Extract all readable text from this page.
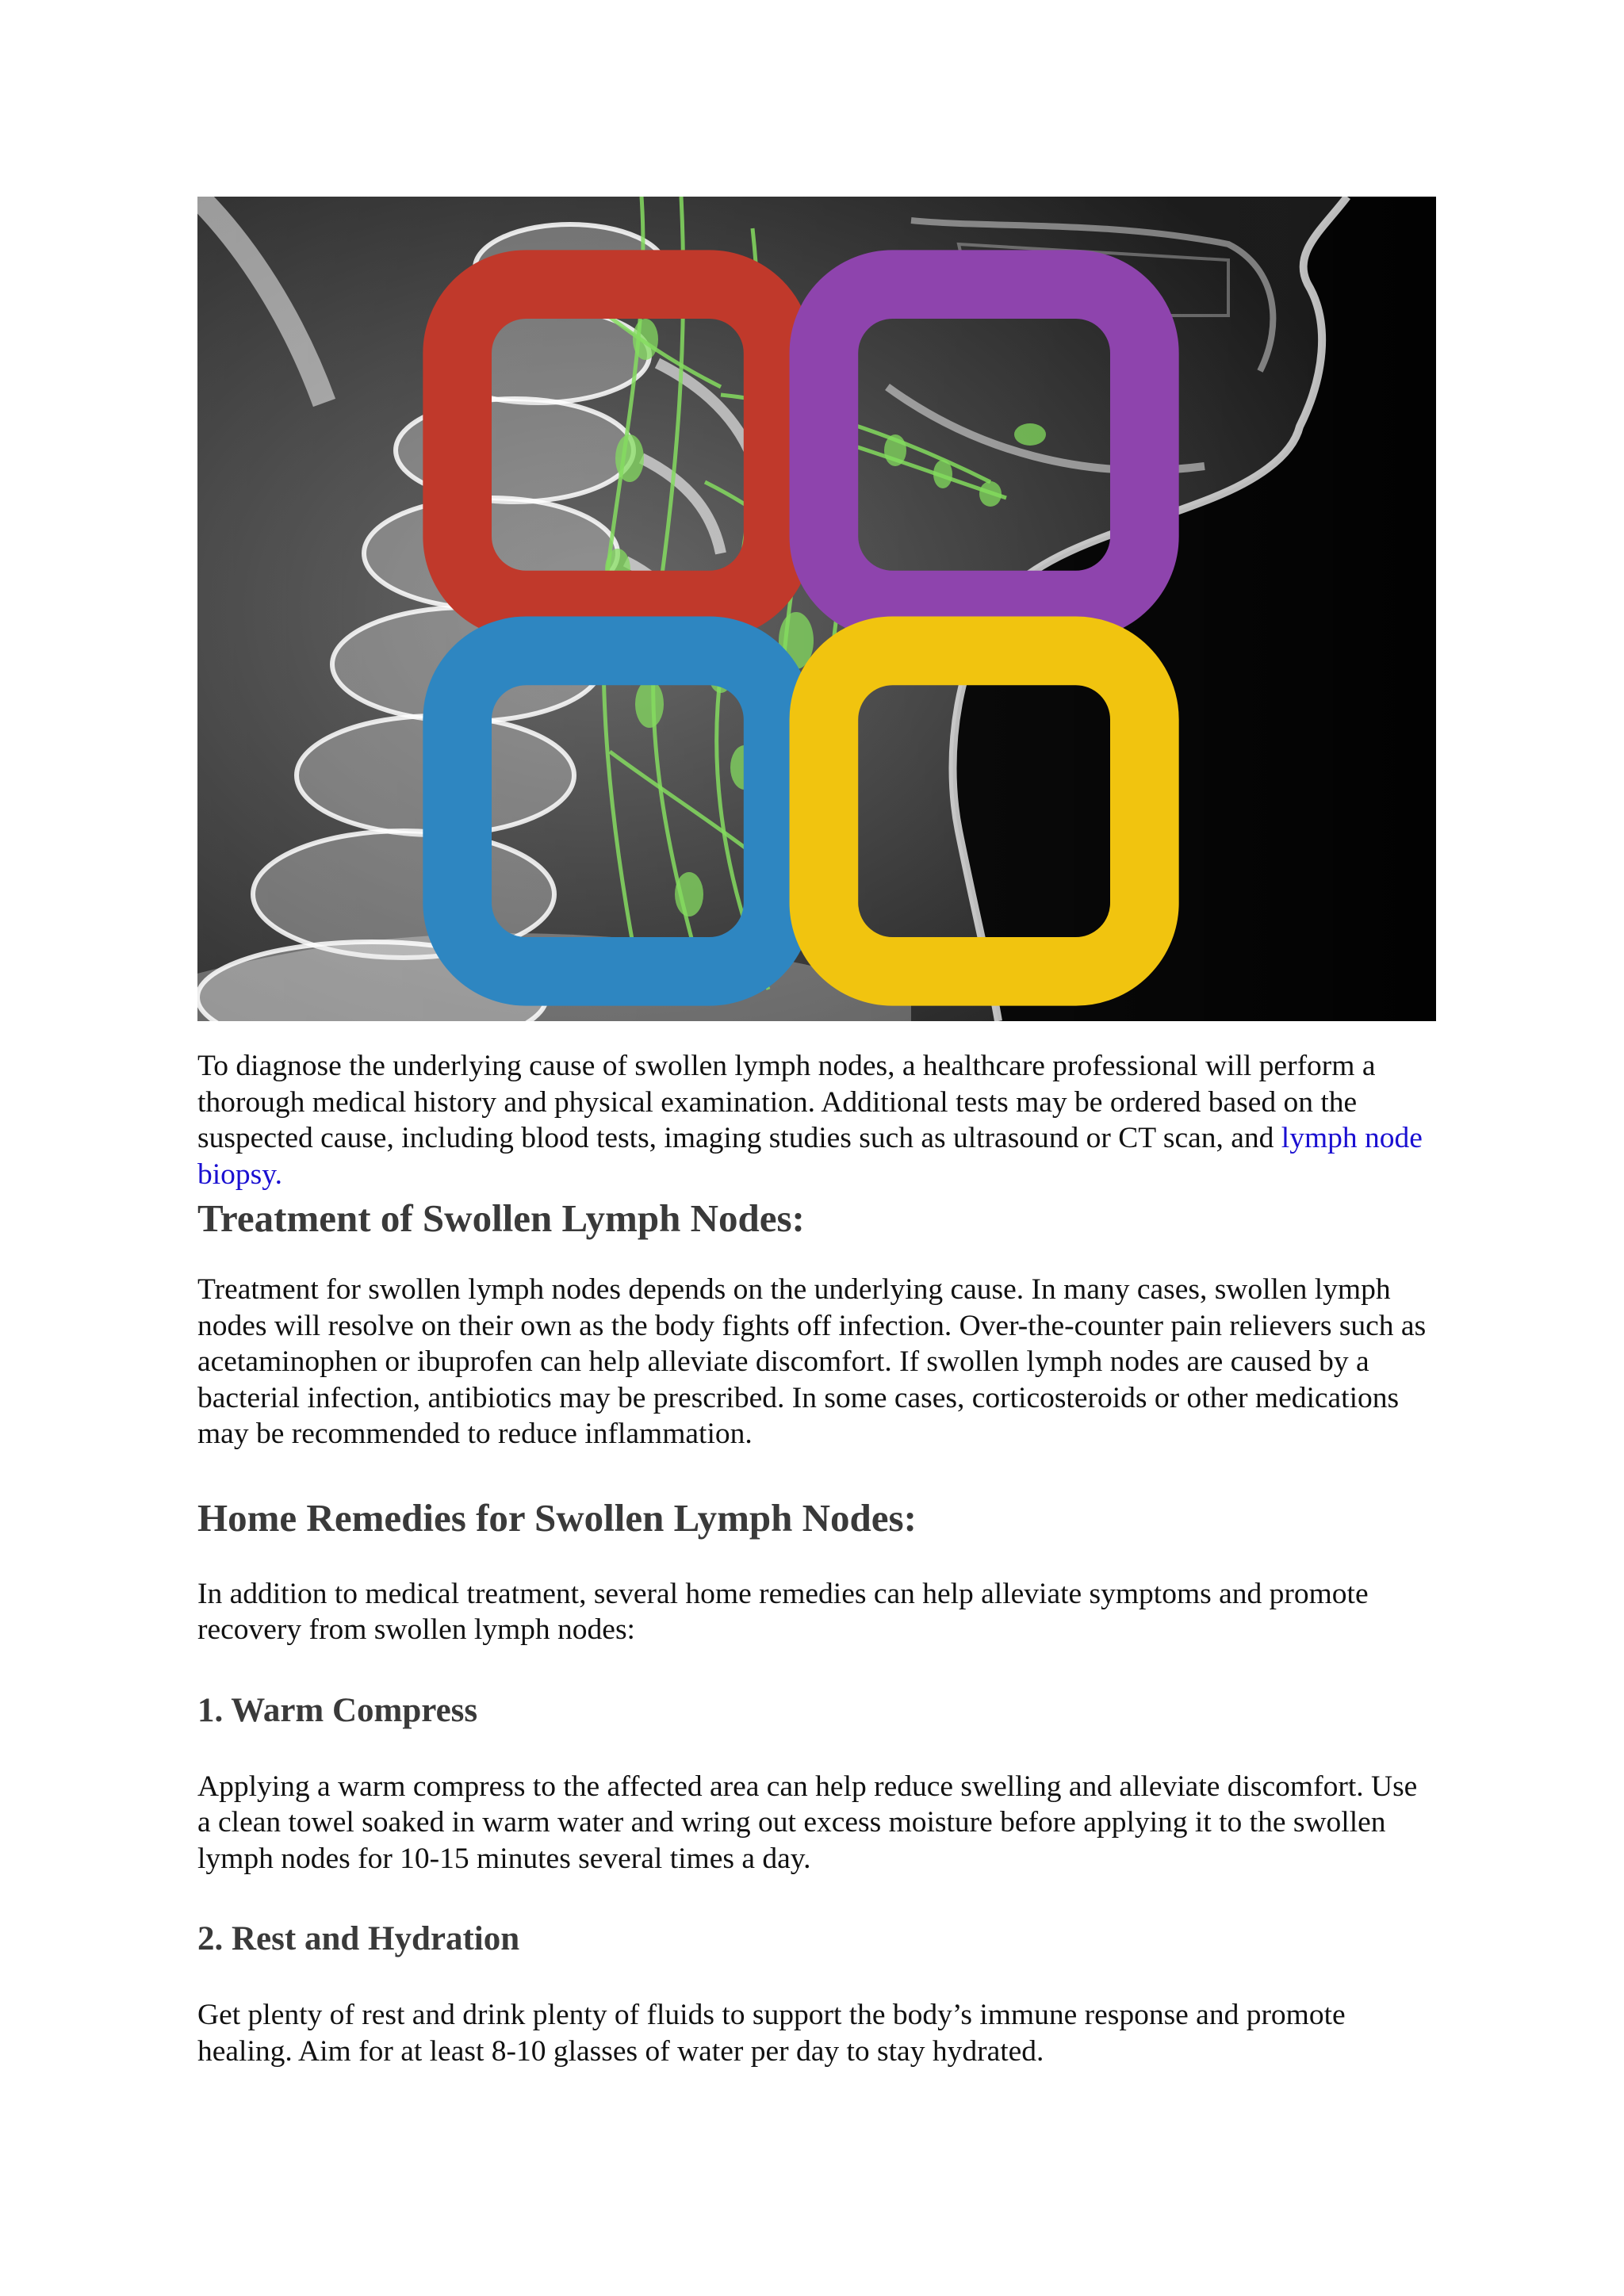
To diagnose the underlying cause of swollen lymph nodes, a healthcare professional will perform a thorough medical history and physical examination. Additional tests may be ordered based on the suspected cause, including blood tests, imaging studies such as ultrasound or CT scan, and lymph node biopsy.

Treatment of Swollen Lymph Nodes:

Treatment for swollen lymph nodes depends on the underlying cause. In many cases, swollen lymph nodes will resolve on their own as the body fights off infection. Over-the-counter pain relievers such as acetaminophen or ibuprofen can help alleviate discomfort. If swollen lymph nodes are caused by a bacterial infection, antibiotics may be prescribed. In some cases, corticosteroids or other medications may be recommended to reduce inflammation.

Home Remedies for Swollen Lymph Nodes:

In addition to medical treatment, several home remedies can help alleviate symptoms and promote recovery from swollen lymph nodes:

1. Warm Compress

Applying a warm compress to the affected area can help reduce swelling and alleviate discomfort. Use a clean towel soaked in warm water and wring out excess moisture before applying it to the swollen lymph nodes for 10-15 minutes several times a day.

2. Rest and Hydration

Get plenty of rest and drink plenty of fluids to support the body’s immune response and promote healing. Aim for at least 8-10 glasses of water per day to stay hydrated.
